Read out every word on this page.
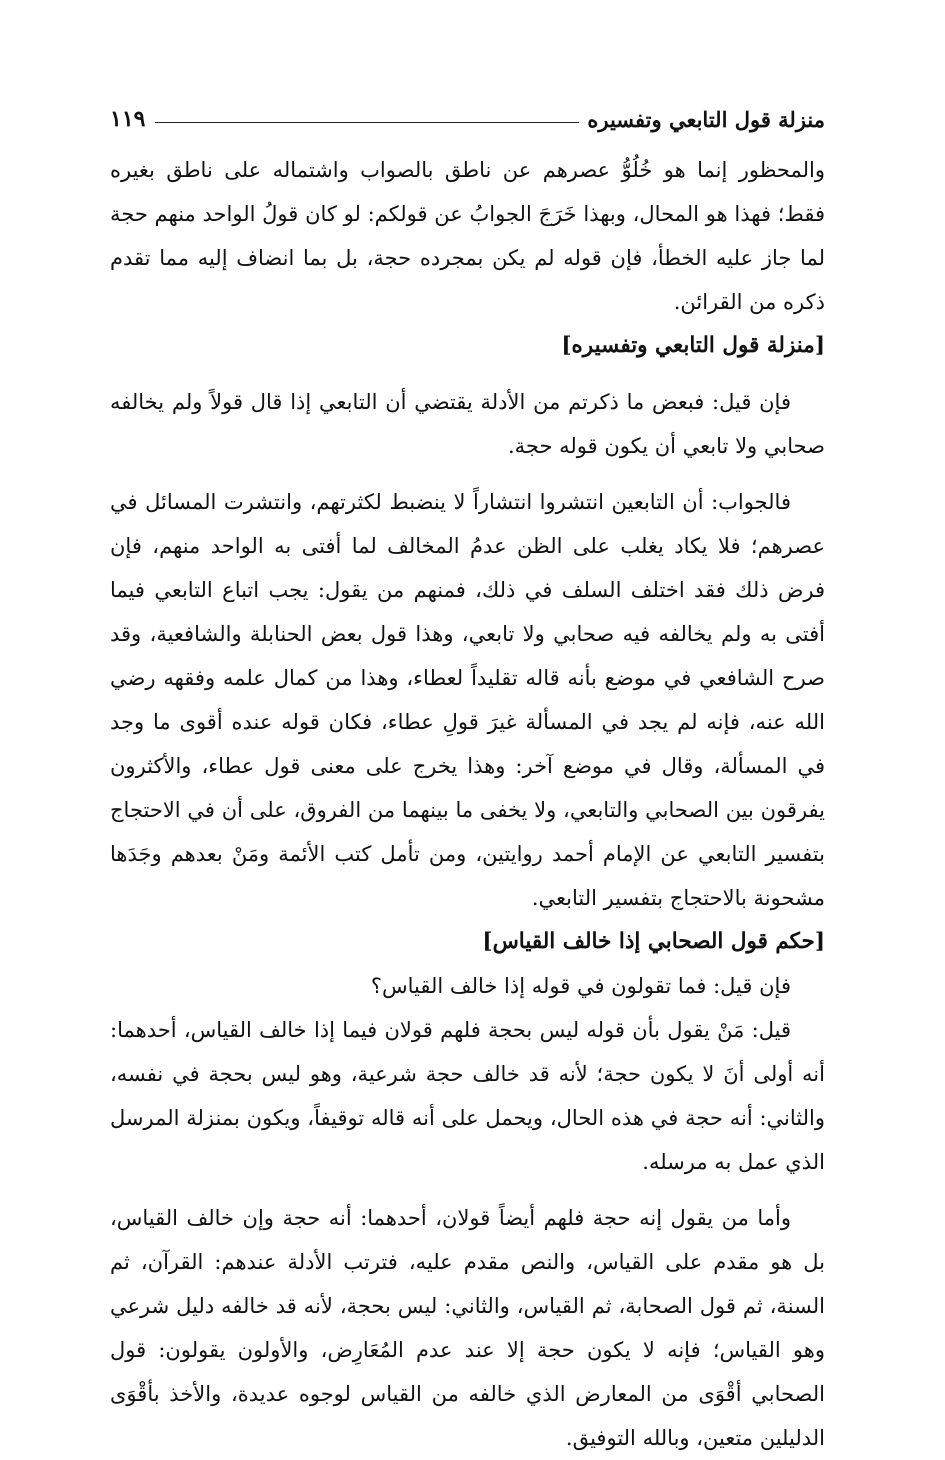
منزلة قول التابعي وتفسيره
١١٩

والمحظور إنما هو خُلُوُّ عصرهم عن ناطق بالصواب واشتماله على ناطق بغيره فقط؛ فهذا هو المحال، وبهذا خَرَجَ الجوابُ عن قولكم: لو كان قولُ الواحد منهم حجة لما جاز عليه الخطأ، فإن قوله لم يكن بمجرده حجة، بل بما انضاف إليه مما تقدم ذكره من القرائن.

[منزلة قول التابعي وتفسيره]

فإن قيل: فبعض ما ذكرتم من الأدلة يقتضي أن التابعي إذا قال قولاً ولم يخالفه صحابي ولا تابعي أن يكون قوله حجة.

فالجواب: أن التابعين انتشروا انتشاراً لا ينضبط لكثرتهم، وانتشرت المسائل في عصرهم؛ فلا يكاد يغلب على الظن عدمُ المخالف لما أفتى به الواحد منهم، فإن فرض ذلك فقد اختلف السلف في ذلك، فمنهم من يقول: يجب اتباع التابعي فيما أفتى به ولم يخالفه فيه صحابي ولا تابعي، وهذا قول بعض الحنابلة والشافعية، وقد صرح الشافعي في موضع بأنه قاله تقليداً لعطاء، وهذا من كمال علمه وفقهه رضي الله عنه، فإنه لم يجد في المسألة غيرَ قولِ عطاء، فكان قوله عنده أقوى ما وجد في المسألة، وقال في موضع آخر: وهذا يخرج على معنى قول عطاء، والأكثرون يفرقون بين الصحابي والتابعي، ولا يخفى ما بينهما من الفروق، على أن في الاحتجاج بتفسير التابعي عن الإمام أحمد روايتين، ومن تأمل كتب الأئمة ومَنْ بعدهم وجَدَها مشحونة بالاحتجاج بتفسير التابعي.

[حكم قول الصحابي إذا خالف القياس]

فإن قيل: فما تقولون في قوله إذا خالف القياس؟

قيل: مَنْ يقول بأن قوله ليس بحجة فلهم قولان فيما إذا خالف القياس، أحدهما: أنه أولى أنَ لا يكون حجة؛ لأنه قد خالف حجة شرعية، وهو ليس بحجة في نفسه، والثاني: أنه حجة في هذه الحال، ويحمل على أنه قاله توقيفاً، ويكون بمنزلة المرسل الذي عمل به مرسله.

وأما من يقول إنه حجة فلهم أيضاً قولان، أحدهما: أنه حجة وإن خالف القياس، بل هو مقدم على القياس، والنص مقدم عليه، فترتب الأدلة عندهم: القرآن، ثم السنة، ثم قول الصحابة، ثم القياس، والثاني: ليس بحجة، لأنه قد خالفه دليل شرعي وهو القياس؛ فإنه لا يكون حجة إلا عند عدم المُعَارِض، والأولون يقولون: قول الصحابي أقْوَى من المعارض الذي خالفه من القياس لوجوه عديدة، والأخذ بأقْوَى الدليلين متعين، وبالله التوفيق.
